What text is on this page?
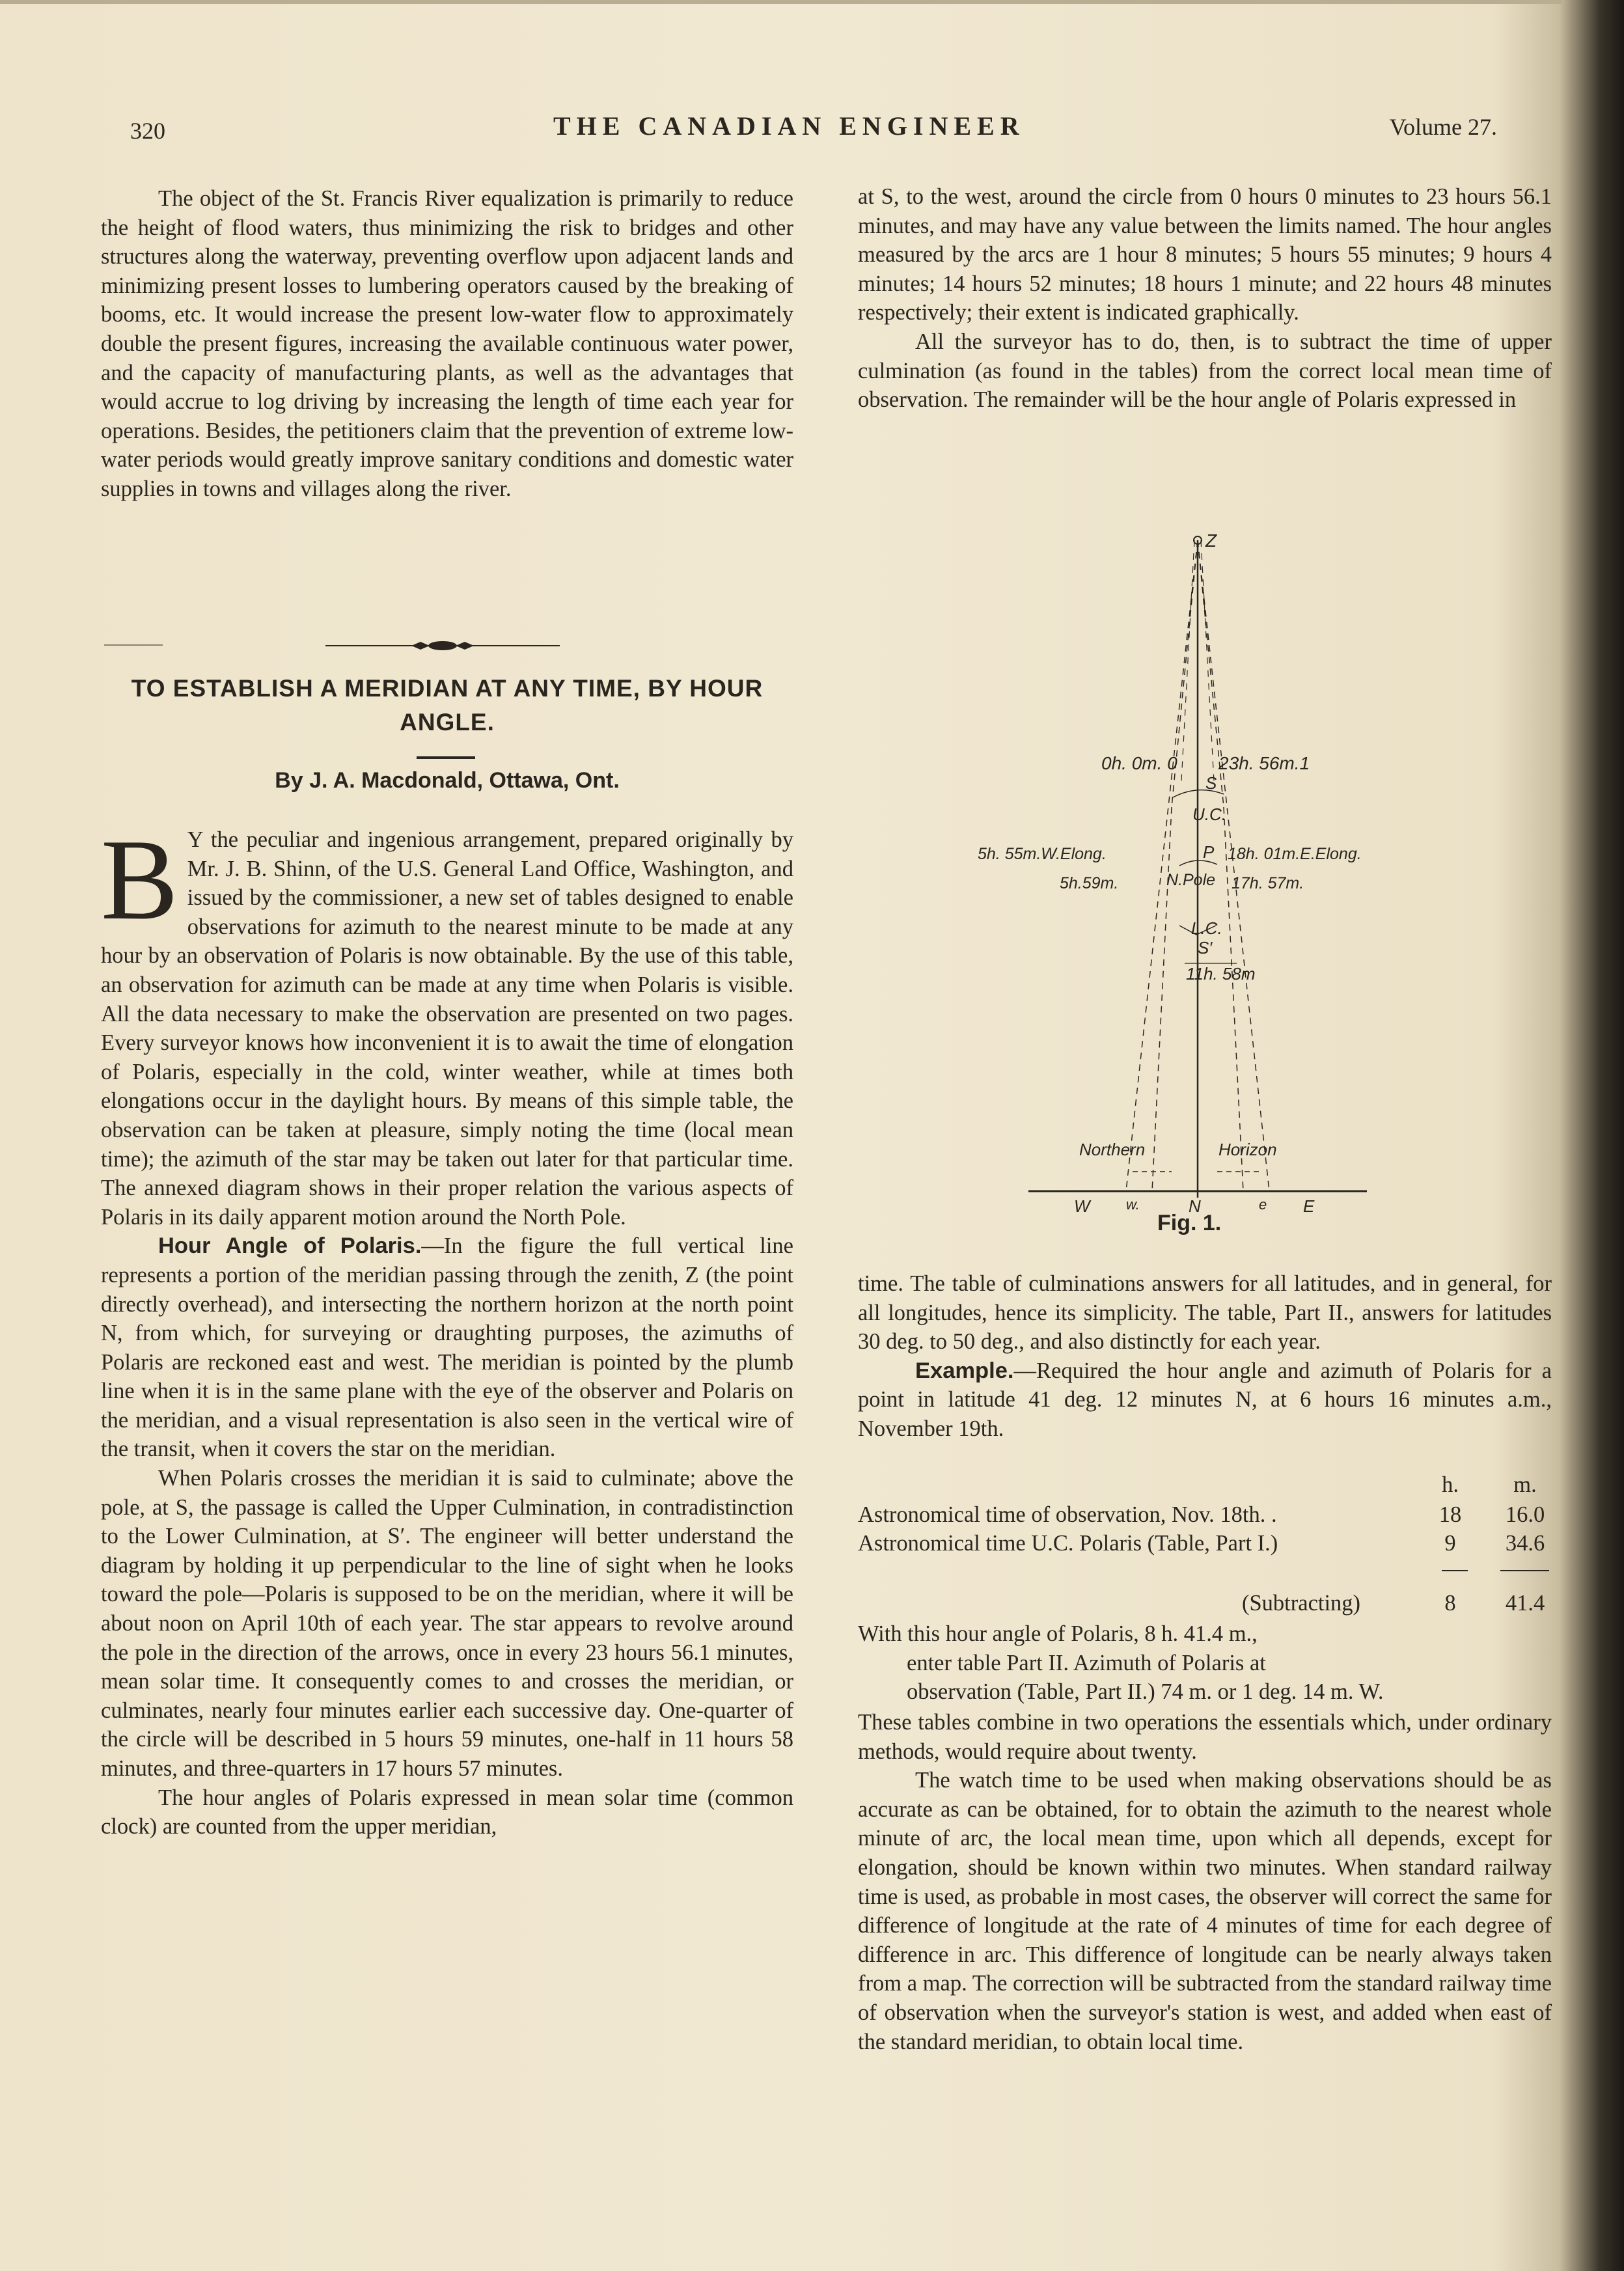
320	THE CANADIAN ENGINEER	Volume 27.

The object of the St. Francis River equalization is primarily to reduce the height of flood waters, thus minimizing the risk to bridges and other structures along the waterway, preventing overflow upon adjacent lands and minimizing present losses to lumbering operators caused by the breaking of booms, etc. It would increase the present low-water flow to approximately double the present figures, increasing the available continuous water power, and the capacity of manufacturing plants, as well as the advantages that would accrue to log driving by increasing the length of time each year for operations. Besides, the petitioners claim that the prevention of extreme low-water periods would greatly improve sanitary conditions and domestic water supplies in towns and villages along the river.

TO ESTABLISH A MERIDIAN AT ANY TIME, BY HOUR ANGLE.
By J. A. Macdonald, Ottawa, Ont.

B Y the peculiar and ingenious arrangement, prepared originally by Mr. J. B. Shinn, of the U.S. General Land Office, Washington, and issued by the commissioner, a new set of tables designed to enable observations for azimuth to the nearest minute to be made at any hour by an observation of Polaris is now obtainable. By the use of this table, an observation for azimuth can be made at any time when Polaris is visible. All the data necessary to make the observation are presented on two pages. Every surveyor knows how inconvenient it is to await the time of elongation of Polaris, especially in the cold, winter weather, while at times both elongations occur in the daylight hours. By means of this simple table, the observation can be taken at pleasure, simply noting the time (local mean time); the azimuth of the star may be taken out later for that particular time. The annexed diagram shows in their proper relation the various aspects of Polaris in its daily apparent motion around the North Pole.

Hour Angle of Polaris.—In the figure the full vertical line represents a portion of the meridian passing through the zenith, Z (the point directly overhead), and intersecting the northern horizon at the north point N, from which, for surveying or draughting purposes, the azimuths of Polaris are reckoned east and west. The meridian is pointed by the plumb line when it is in the same plane with the eye of the observer and Polaris on the meridian, and a visual representation is also seen in the vertical wire of the transit, when it covers the star on the meridian.

When Polaris crosses the meridian it is said to culminate; above the pole, at S, the passage is called the Upper Culmination, in contradistinction to the Lower Culmination, at S′. The engineer will better understand the diagram by holding it up perpendicular to the line of sight when he looks toward the pole—Polaris is supposed to be on the meridian, where it will be about noon on April 10th of each year. The star appears to revolve around the pole in the direction of the arrows, once in every 23 hours 56.1 minutes, mean solar time. It consequently comes to and crosses the meridian, or culminates, nearly four minutes earlier each successive day. One-quarter of the circle will be described in 5 hours 59 minutes, one-half in 11 hours 58 minutes, and three-quarters in 17 hours 57 minutes.

The hour angles of Polaris expressed in mean solar time (common clock) are counted from the upper meridian,

at S, to the west, around the circle from 0 hours 0 minutes to 23 hours 56.1 minutes, and may have any value between the limits named. The hour angles measured by the arcs are 1 hour 8 minutes; 5 hours 55 minutes; 9 hours 4 minutes; 14 hours 52 minutes; 18 hours 1 minute; and 22 hours 48 minutes respectively; their extent is indicated graphically.

All the surveyor has to do, then, is to subtract the time of upper culmination (as found in the tables) from the correct local mean time of observation. The remainder will be the hour angle of Polaris expressed in

Z
0h. 0m. 0 23h. 56m.1
S
U.C.
5h. 55m.W.Elong.	18h. 01m.E.Elong.
P
N.Pole
5h.59m.	17h. 57m.
L.C.
S′
11h. 58m
Northern	Horizon
W	w.	N	e E
Fig. 1.

time. The table of culminations answers for all latitudes, and in general, for all longitudes, hence its simplicity. The table, Part II., answers for latitudes 30 deg. to 50 deg., and also distinctly for each year.

Example.—Required the hour angle and azimuth of Polaris for a point in latitude 41 deg. 12 minutes N, at 6 hours 16 minutes a.m., November 19th.

h.	m.
Astronomical time of observation, Nov. 18th. .	18 16.0
Astronomical time U.C. Polaris (Table, Part I.)	9	34.6
(Subtracting)	8	41.4
With this hour angle of Polaris, 8 h. 41.4 m.,
enter table Part II. Azimuth of Polaris at
observation (Table, Part II.) 74 m. or 1 deg. 14 m. W.

These tables combine in two operations the essentials which, under ordinary methods, would require about twenty.

The watch time to be used when making observations should be as accurate as can be obtained, for to obtain the azimuth to the nearest whole minute of arc, the local mean time, upon which all depends, except for elongation, should be known within two minutes. When standard railway time is used, as probable in most cases, the observer will correct the same for difference of longitude at the rate of 4 minutes of time for each degree of difference in arc. This difference of longitude can be nearly always taken from a map. The correction will be subtracted from the standard railway time of observation when the surveyor's station is west, and added when east of the standard meridian, to obtain local time.
